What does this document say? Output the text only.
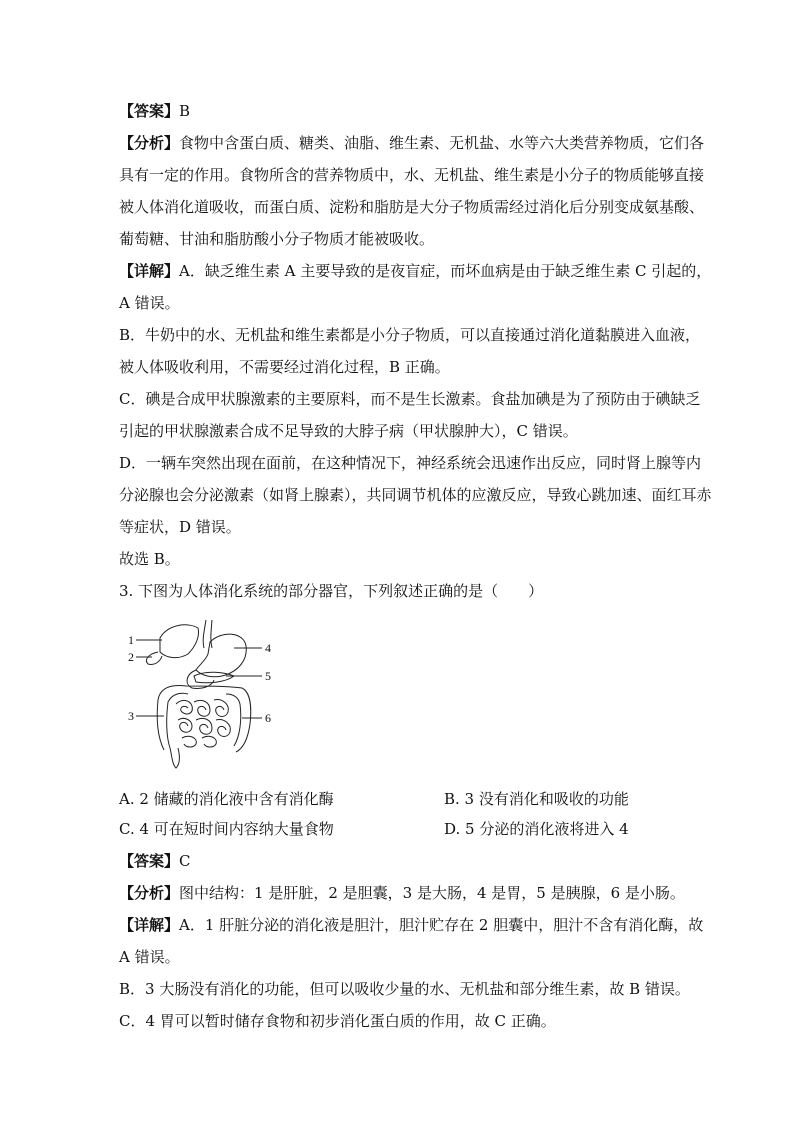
【答案】B
【分析】食物中含蛋白质、糖类、油脂、维生素、无机盐、水等六大类营养物质，它们各
具有一定的作用。食物所含的营养物质中，水、无机盐、维生素是小分子的物质能够直接
被人体消化道吸收，而蛋白质、淀粉和脂肪是大分子物质需经过消化后分别变成氨基酸、
葡萄糖、甘油和脂肪酸小分子物质才能被吸收。
【详解】A．缺乏维生素 A 主要导致的是夜盲症，而坏血病是由于缺乏维生素 C 引起的，
A 错误。
B．牛奶中的水、无机盐和维生素都是小分子物质，可以直接通过消化道黏膜进入血液，
被人体吸收利用，不需要经过消化过程，B 正确。
C．碘是合成甲状腺激素的主要原料，而不是生长激素。食盐加碘是为了预防由于碘缺乏
引起的甲状腺激素合成不足导致的大脖子病（甲状腺肿大），C 错误。
D．一辆车突然出现在面前，在这种情况下，神经系统会迅速作出反应，同时肾上腺等内
分泌腺也会分泌激素（如肾上腺素），共同调节机体的应激反应，导致心跳加速、面红耳赤
等症状，D 错误。
故选 B。
3. 下图为人体消化系统的部分器官，下列叙述正确的是（　　）
1
2
3
4
5
6
A. 2 储藏的消化液中含有消化酶	B. 3 没有消化和吸收的功能
C. 4 可在短时间内容纳大量食物	D. 5 分泌的消化液将进入 4
【答案】C
【分析】图中结构：1 是肝脏，2 是胆囊，3 是大肠，4 是胃，5 是胰腺，6 是小肠。
【详解】A．1 肝脏分泌的消化液是胆汁，胆汁贮存在 2 胆囊中，胆汁不含有消化酶，故
A 错误。
B．3 大肠没有消化的功能，但可以吸收少量的水、无机盐和部分维生素，故 B 错误。
C．4 胃可以暂时储存食物和初步消化蛋白质的作用，故 C 正确。
